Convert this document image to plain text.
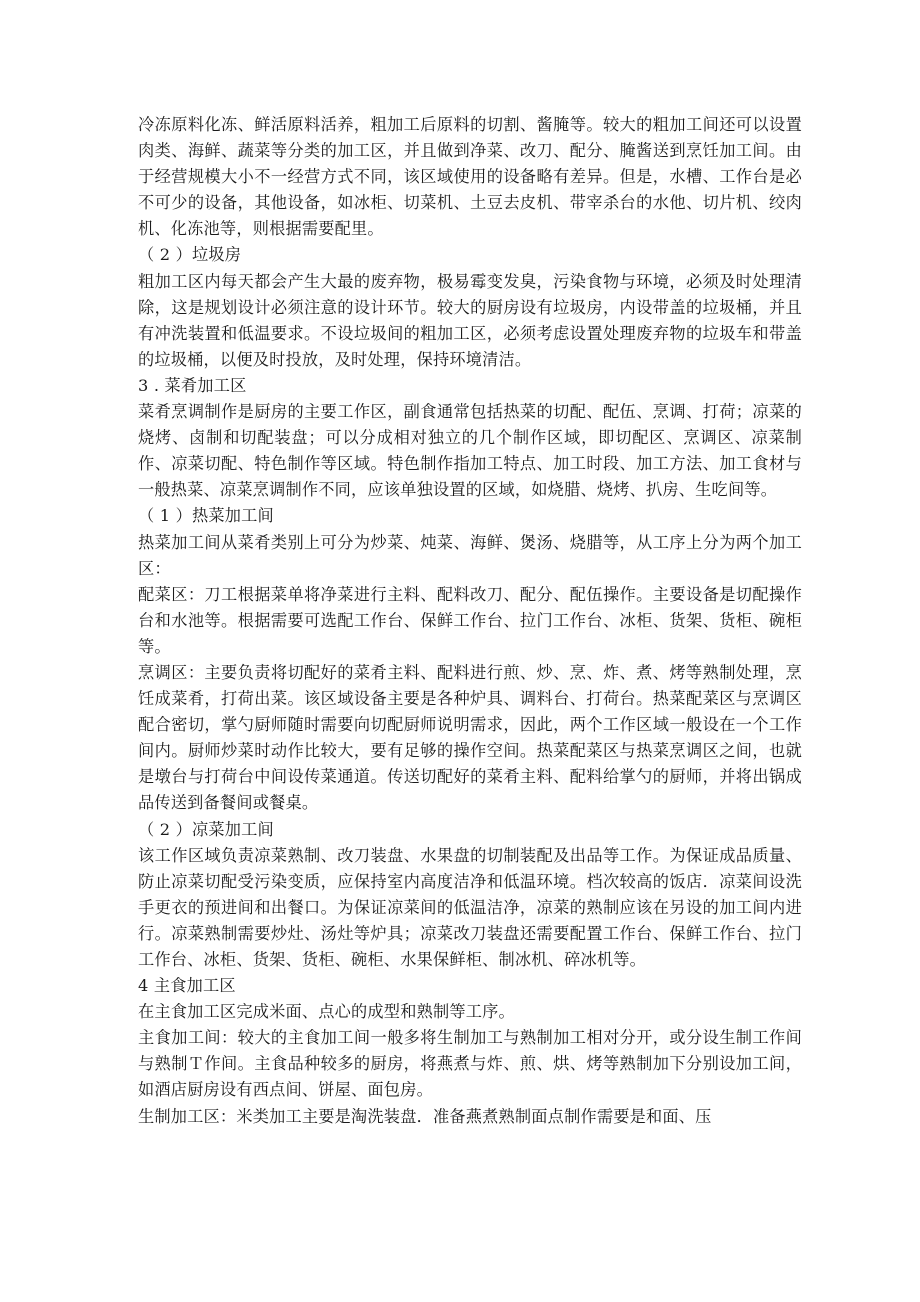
冷冻原料化冻、鲜活原料活养，粗加工后原料的切割、酱腌等。较大的粗加工间还可以设置肉类、海鲜、蔬菜等分类的加工区，并且做到净菜、改刀、配分、腌酱送到烹饪加工间。由于经营规模大小不一经营方式不同，该区域使用的设备略有差异。但是，水槽、工作台是必不可少的设备，其他设备，如冰柜、切菜机、土豆去皮机、带宰杀台的水他、切片机、绞肉机、化冻池等，则根据需要配里。

（ 2 ）垃圾房

粗加工区内每天都会产生大最的废弃物，极易霉变发臭，污染食物与环境，必须及时处理清除，这是规划设计必须注意的设计环节。较大的厨房设有垃圾房，内设带盖的垃圾桶，并且有冲洗装置和低温要求。不设垃圾间的粗加工区，必须考虑设置处理废弃物的垃圾车和带盖的垃圾桶，以便及时投放，及时处理，保持环境清洁。

3 . 菜肴加工区

菜肴烹调制作是厨房的主要工作区，副食通常包括热菜的切配、配伍、烹调、打荷；凉菜的烧烤、卤制和切配装盘；可以分成相对独立的几个制作区域，即切配区、烹调区、凉菜制作、凉菜切配、特色制作等区域。特色制作指加工特点、加工时段、加工方法、加工食材与一般热菜、凉菜烹调制作不同，应该单独设置的区域，如烧腊、烧烤、扒房、生吃间等。

（ 1 ）热菜加工间

热菜加工间从菜肴类别上可分为炒菜、炖菜、海鲜、煲汤、烧腊等，从工序上分为两个加工区：

配菜区：刀工根据菜单将净菜进行主料、配料改刀、配分、配伍操作。主要设备是切配操作台和水池等。根据需要可选配工作台、保鲜工作台、拉门工作台、冰柜、货架、货柜、碗柜等。

烹调区：主要负责将切配好的菜肴主料、配料进行煎、炒、烹、炸、煮、烤等熟制处理，烹饪成菜肴，打荷出菜。该区域设备主要是各种炉具、调料台、打荷台。热菜配菜区与烹调区配合密切，掌勺厨师随时需要向切配厨师说明需求，因此，两个工作区域一般设在一个工作间内。厨师炒菜时动作比较大，要有足够的操作空间。热菜配菜区与热菜烹调区之间，也就是墩台与打荷台中间设传菜通道。传送切配好的菜肴主料、配料给掌勺的厨师，并将出锅成品传送到备餐间或餐桌。

（ 2 ）凉菜加工间

该工作区域负责凉菜熟制、改刀装盘、水果盘的切制装配及出品等工作。为保证成品质量、防止凉菜切配受污染变质，应保持室内高度洁净和低温环境。档次较高的饭店．凉菜间设洗手更衣的预进间和出餐口。为保证凉菜间的低温洁净，凉菜的熟制应该在另设的加工间内进行。凉菜熟制需要炒灶、汤灶等炉具；凉菜改刀装盘还需要配置工作台、保鲜工作台、拉门工作台、冰柜、货架、货柜、碗柜、水果保鲜柜、制冰机、碎冰机等。

4 主食加工区

在主食加工区完成米面、点心的成型和熟制等工序。

主食加工间：较大的主食加工间一般多将生制加工与熟制加工相对分开，或分设生制工作间与熟制Ｔ作间。主食品种较多的厨房，将燕煮与炸、煎、烘、烤等熟制加下分别设加工间，如酒店厨房设有西点间、饼屋、面包房。

生制加工区：米类加工主要是淘洗装盘．准备燕煮熟制面点制作需要是和面、压
